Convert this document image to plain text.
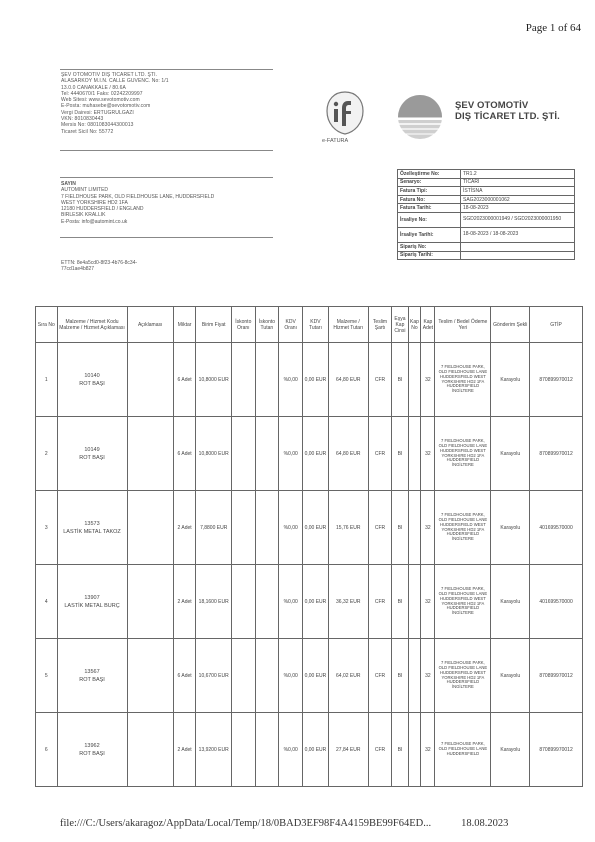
Page 1 of 64
ŞEV OTOMOTİV DIŞ TİCARET LTD. ŞTİ.
ALASARKOY M.I.N. CALLE GUVENC. No: 1/1
13.0.0 CANAKKALE / 80.6A
Tel: 4440670/1 Faks: 02242209997
Web Sitesi: www.sevotomotiv.com
E-Posta: muhasebe@sevotomotiv.com
Vergi Dairesi: ERTUGRULGAZI
VKN: 8010830443
Mersis No: 0801083044300013
Ticaret Sicil No: 55772
e-FATURA
ŞEV OTOMOTİV
DIŞ TİCARET LTD. ŞTİ.
Özelleştirme No:	TR1.2
Senaryo:	TİCARİ
Fatura Tipi:	İSTİSNA
Fatura No:	SAG2023000001062
Fatura Tarihi:	18-08-2023
İrsaliye No:	SGD2023000001949 / SGD2023000001950
İrsaliye Tarihi:	18-08-2023 / 18-08-2023
Sipariş No:	
Sipariş Tarihi:	
SAYIN
AUTOMINT LIMITED
7 FIELDHOUSE PARK, OLD FIELDHOUSE LANE, HUDDERSFIELD
WEST YORKSHIRE HD2 1FA
12180 HUDDERSFIELD / ENGLAND
BIRLESIK KRALLIK
E-Posta: info@automint.co.uk
ETTN: 8e4a5cd0-8f23-4b76-8c34-
77cd1ae4b827
Sıra No	Malzeme / Hizmet Kodu Malzeme / Hizmet Açıklaması	Açıklaması	Miktar	Birim Fiyat	İskonto Oranı	İskonto Tutarı	KDV Oranı	KDV Tutarı	Malzeme / Hizmet Tutarı	Teslim Şartı	Eşya Kap Cinsi	Kap No	Kap Adet	Teslim / Bedel Ödeme Yeri	Gönderim Şekli	GTİP
1	10140
ROT BAŞI		6 Adet	10,8000 EUR			%0,00	0,00 EUR	64,80 EUR	CFR	BI		32	7 FIELDHOUSE PARK, OLD FIELDHOUSE LANE HUDDERSFIELD WEST YORKSHIRE HD2 1FA HUDDERSFIELD İNGİLTERE	Karayolu	870899970012
2	10149
ROT BAŞI		6 Adet	10,8000 EUR			%0,00	0,00 EUR	64,80 EUR	CFR	BI		32	7 FIELDHOUSE PARK, OLD FIELDHOUSE LANE HUDDERSFIELD WEST YORKSHIRE HD2 1FA HUDDERSFIELD İNGİLTERE	Karayolu	870899970012
3	13573
LASTİK METAL TAKOZ		2 Adet	7,8800 EUR			%0,00	0,00 EUR	15,76 EUR	CFR	BI		32	7 FIELDHOUSE PARK, OLD FIELDHOUSE LANE HUDDERSFIELD WEST YORKSHIRE HD2 1FA HUDDERSFIELD İNGİLTERE	Karayolu	401699570000
4	13907
LASTİK METAL BURÇ		2 Adet	18,1600 EUR			%0,00	0,00 EUR	36,32 EUR	CFR	BI		32	7 FIELDHOUSE PARK, OLD FIELDHOUSE LANE HUDDERSFIELD WEST YORKSHIRE HD2 1FA HUDDERSFIELD İNGİLTERE	Karayolu	401699570000
5	13567
ROT BAŞI		6 Adet	10,6700 EUR			%0,00	0,00 EUR	64,02 EUR	CFR	BI		32	7 FIELDHOUSE PARK, OLD FIELDHOUSE LANE HUDDERSFIELD WEST YORKSHIRE HD2 1FA HUDDERSFIELD İNGİLTERE	Karayolu	870899970012
6	13962
ROT BAŞI		2 Adet	13,9200 EUR			%0,00	0,00 EUR	27,84 EUR	CFR	BI		32	7 FIELDHOUSE PARK, OLD FIELDHOUSE LANE HUDDERSFIELD	Karayolu	870899970012
file:///C:/Users/akaragoz/AppData/Local/Temp/18/0BAD3EF98F4A4159BE99F64ED...	18.08.2023
